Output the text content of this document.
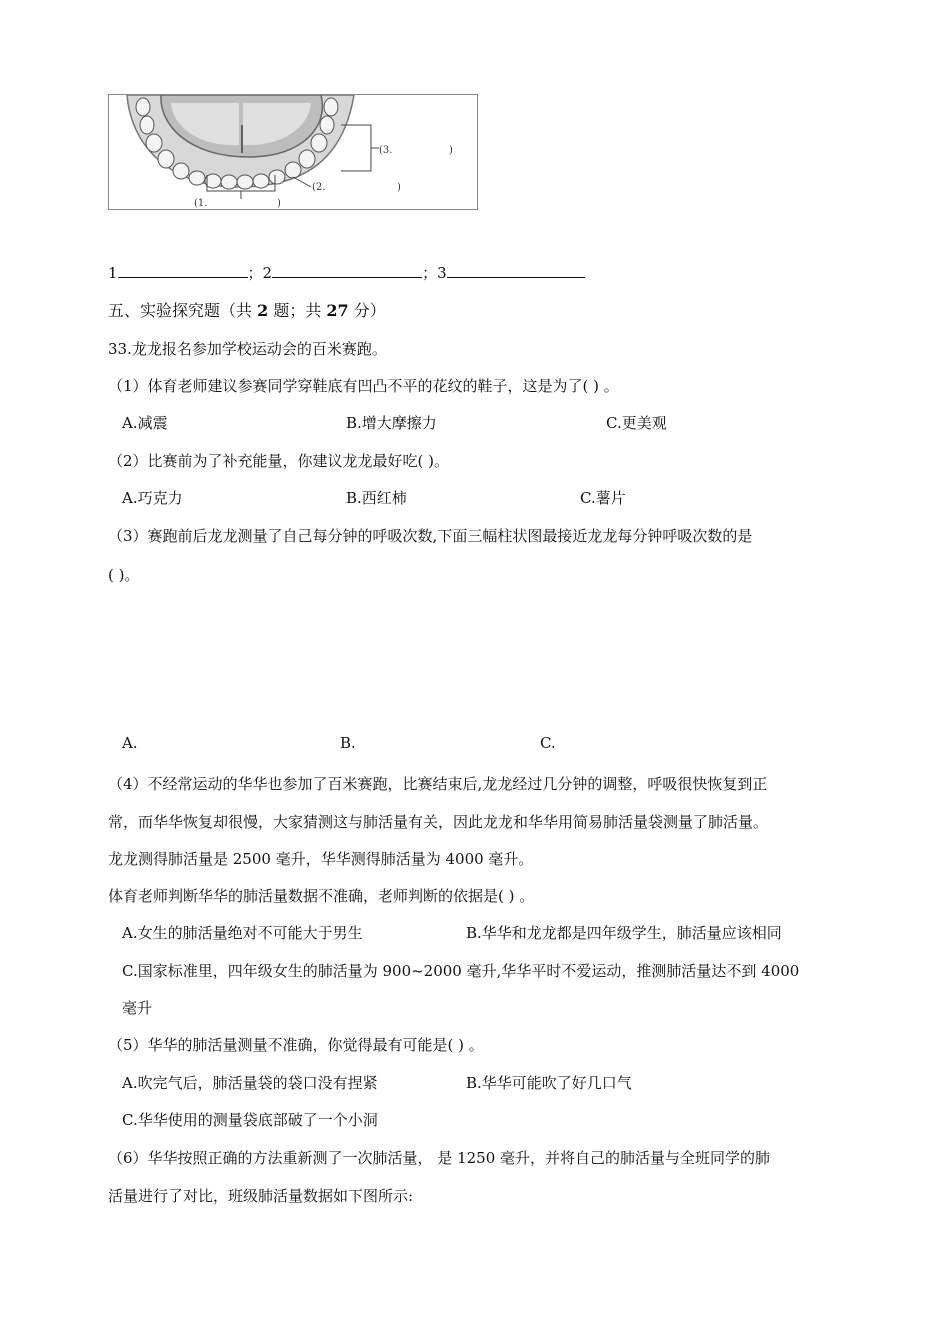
(3.	)
(2.	)
(1.	)
1	；2	；3
五、实验探究题（共 2 题；共 27 分）
33.龙龙报名参加学校运动会的百米赛跑。
（1）体育老师建议参赛同学穿鞋底有凹凸不平的花纹的鞋子，这是为了( ) 。
A.减震	B.增大摩擦力	C.更美观
（2）比赛前为了补充能量，你建议龙龙最好吃( )。
A.巧克力	B.西红柿	C.薯片
（3）赛跑前后龙龙测量了自己每分钟的呼吸次数,下面三幅柱状图最接近龙龙每分钟呼吸次数的是
( )。
A.	B.	C.
（4）不经常运动的华华也参加了百米赛跑，比赛结束后,龙龙经过几分钟的调整，呼吸很快恢复到正
常，而华华恢复却很慢，大家猜测这与肺活量有关，因此龙龙和华华用简易肺活量袋测量了肺活量。
龙龙测得肺活量是 2500 毫升，华华测得肺活量为 4000 毫升。
体育老师判断华华的肺活量数据不准确，老师判断的依据是( ) 。
A.女生的肺活量绝对不可能大于男生	B.华华和龙龙都是四年级学生，肺活量应该相同
C.国家标准里，四年级女生的肺活量为 900~2000 毫升,华华平时不爱运动，推测肺活量达不到 4000
毫升
（5）华华的肺活量测量不准确，你觉得最有可能是( ) 。
A.吹完气后，肺活量袋的袋口没有捏紧	B.华华可能吹了好几口气
C.华华使用的测量袋底部破了一个小洞
（6）华华按照正确的方法重新测了一次肺活量， 是 1250 毫升，并将自己的肺活量与全班同学的肺
活量进行了对比，班级肺活量数据如下图所示:
